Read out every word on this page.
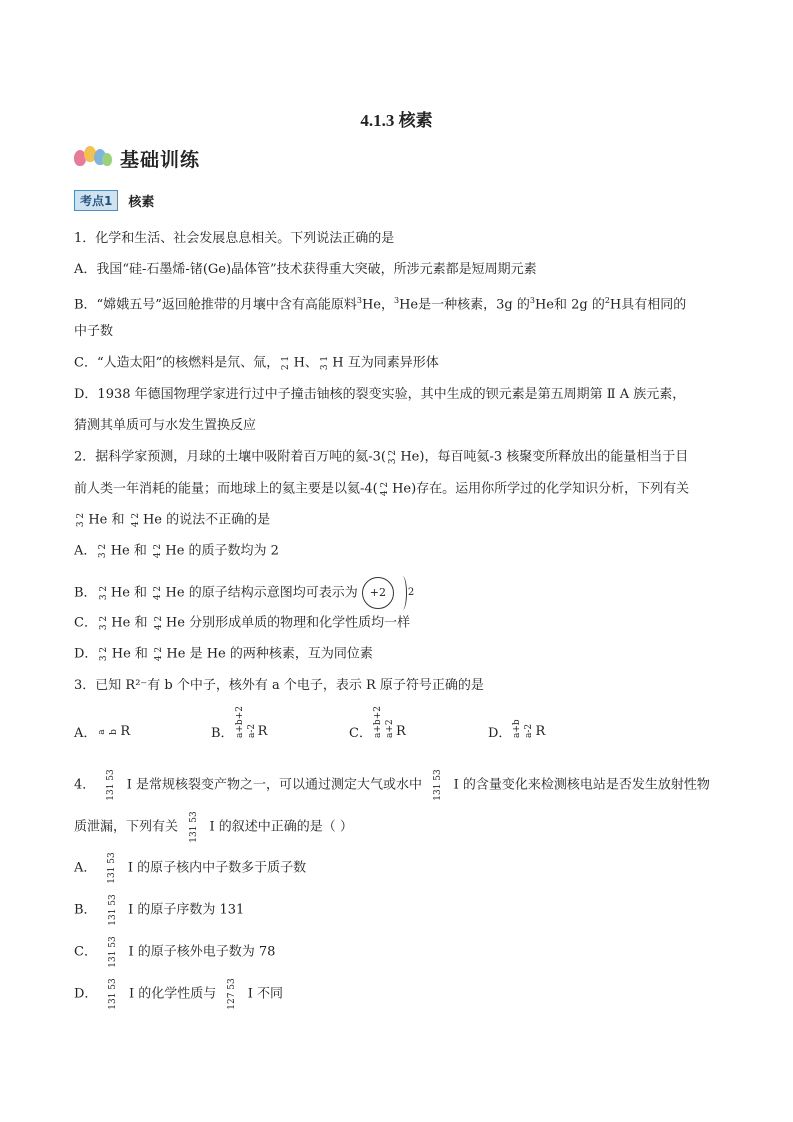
4.1.3 核素
基础训练
考点1	核素
1．化学和生活、社会发展息息相关。下列说法正确的是
A．我国“硅-石墨烯-锗(Ge)晶体管”技术获得重大突破，所涉元素都是短周期元素
B．“嫦娥五号”返回舱推带的月壤中含有高能原料$^3$He，$^3$He是一种核素，3g 的$^3$He和 2g 的$^2$H具有相同的
中子数
C．“人造太阳”的核燃料是氘、氚， 2 1 H、 3 1 H 互为同素异形体
D．1938 年德国物理学家进行过中子撞击铀核的裂变实验，其中生成的钡元素是第五周期第 Ⅱ A 族元素，
猜测其单质可与水发生置换反应
2．据科学家预测，月球的土壤中吸附着百万吨的氦-3( 3 2 He)，每百吨氦-3 核聚变所释放出的能量相当于目
前人类一年消耗的能量；而地球上的氦主要是以氦-4( 4 2 He)存在。运用你所学过的化学知识分析，下列有关
3 2 He 和 4 2 He 的说法不正确的是
A． 3 2 He 和 4 2 He 的质子数均为 2
B． 3 2 He 和 4 2 He 的原子结构示意图均可表示为	+2	2
C． 3 2 He 和 4 2 He 分别形成单质的物理和化学性质均一样
D． 3 2 He 和 4 2 He 是 He 的两种核素，互为同位素
3．已知 R²⁻有 b 个中子，核外有 a 个电子，表示 R 原子符号正确的是
A． a b R	B． a+b+2 a-2 R	C． a+b+2 a+2 R	D． a+b a-2 R
4． 131 53 I 是常规核裂变产物之一，可以通过测定大气或水中 131 53 I 的含量变化来检测核电站是否发生放射性物
质泄漏，下列有关 131 53 I 的叙述中正确的是（ ）
A． 131 53 I 的原子核内中子数多于质子数
B． 131 53 I 的原子序数为 131
C． 131 53 I 的原子核外电子数为 78
D． 131 53 I 的化学性质与 127 53 I 不同
